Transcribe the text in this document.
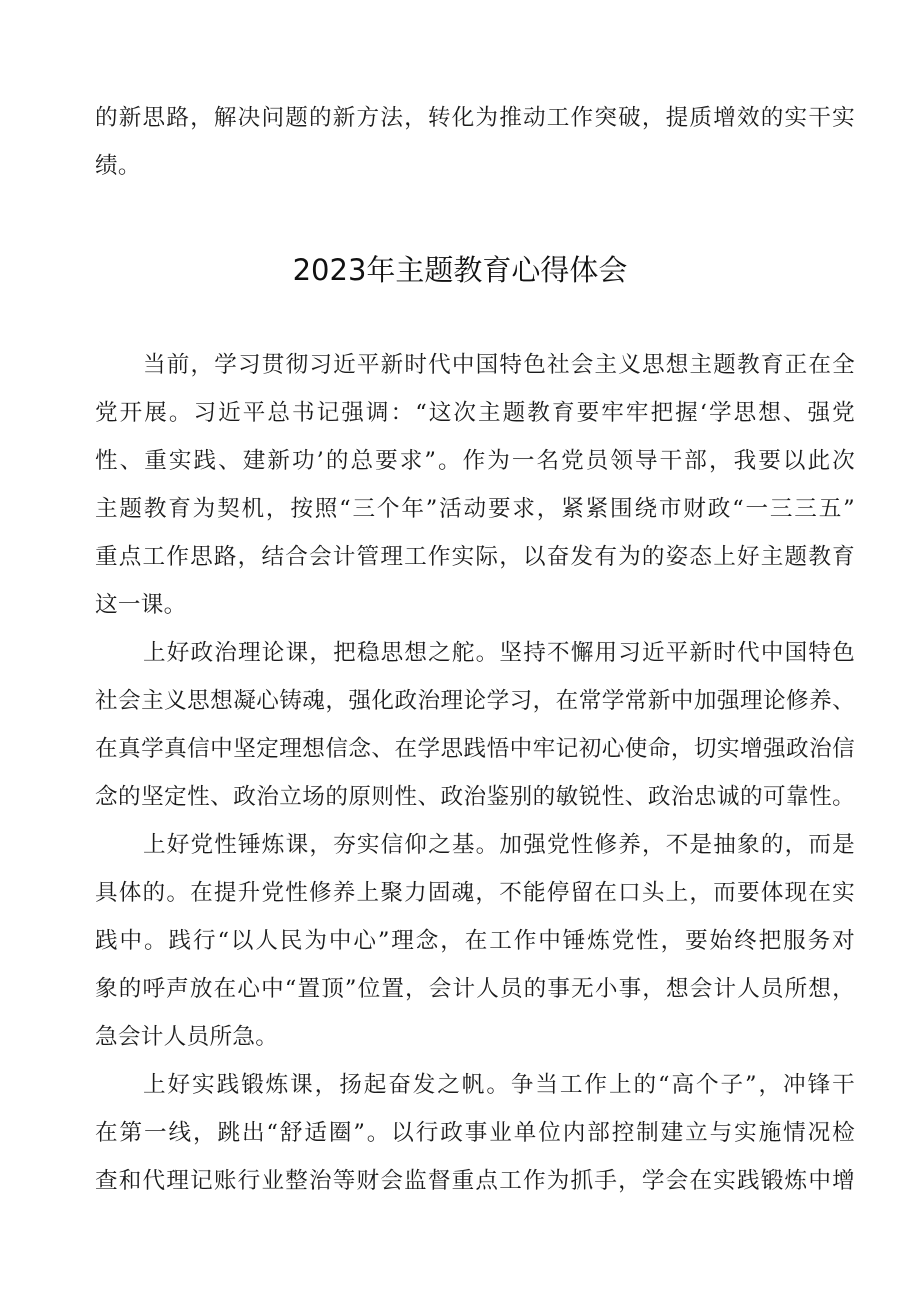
的新思路，解决问题的新方法，转化为推动工作突破，提质增效的实干实
绩。
2023年主题教育心得体会
当前，学习贯彻习近平新时代中国特色社会主义思想主题教育正在全
党开展。习近平总书记强调：“这次主题教育要牢牢把握‘学思想、强党
性、重实践、建新功’的总要求”。作为一名党员领导干部，我要以此次
主题教育为契机，按照“三个年”活动要求，紧紧围绕市财政“一三三五”
重点工作思路，结合会计管理工作实际，以奋发有为的姿态上好主题教育
这一课。
上好政治理论课，把稳思想之舵。坚持不懈用习近平新时代中国特色
社会主义思想凝心铸魂，强化政治理论学习，在常学常新中加强理论修养、
在真学真信中坚定理想信念、在学思践悟中牢记初心使命，切实增强政治信
念的坚定性、政治立场的原则性、政治鉴别的敏锐性、政治忠诚的可靠性。
上好党性锤炼课，夯实信仰之基。加强党性修养，不是抽象的，而是
具体的。在提升党性修养上聚力固魂，不能停留在口头上，而要体现在实
践中。践行“以人民为中心”理念，在工作中锤炼党性，要始终把服务对
象的呼声放在心中“置顶”位置，会计人员的事无小事，想会计人员所想，
急会计人员所急。
上好实践锻炼课，扬起奋发之帆。争当工作上的“高个子”，冲锋干
在第一线，跳出“舒适圈”。以行政事业单位内部控制建立与实施情况检
查和代理记账行业整治等财会监督重点工作为抓手，学会在实践锻炼中增
